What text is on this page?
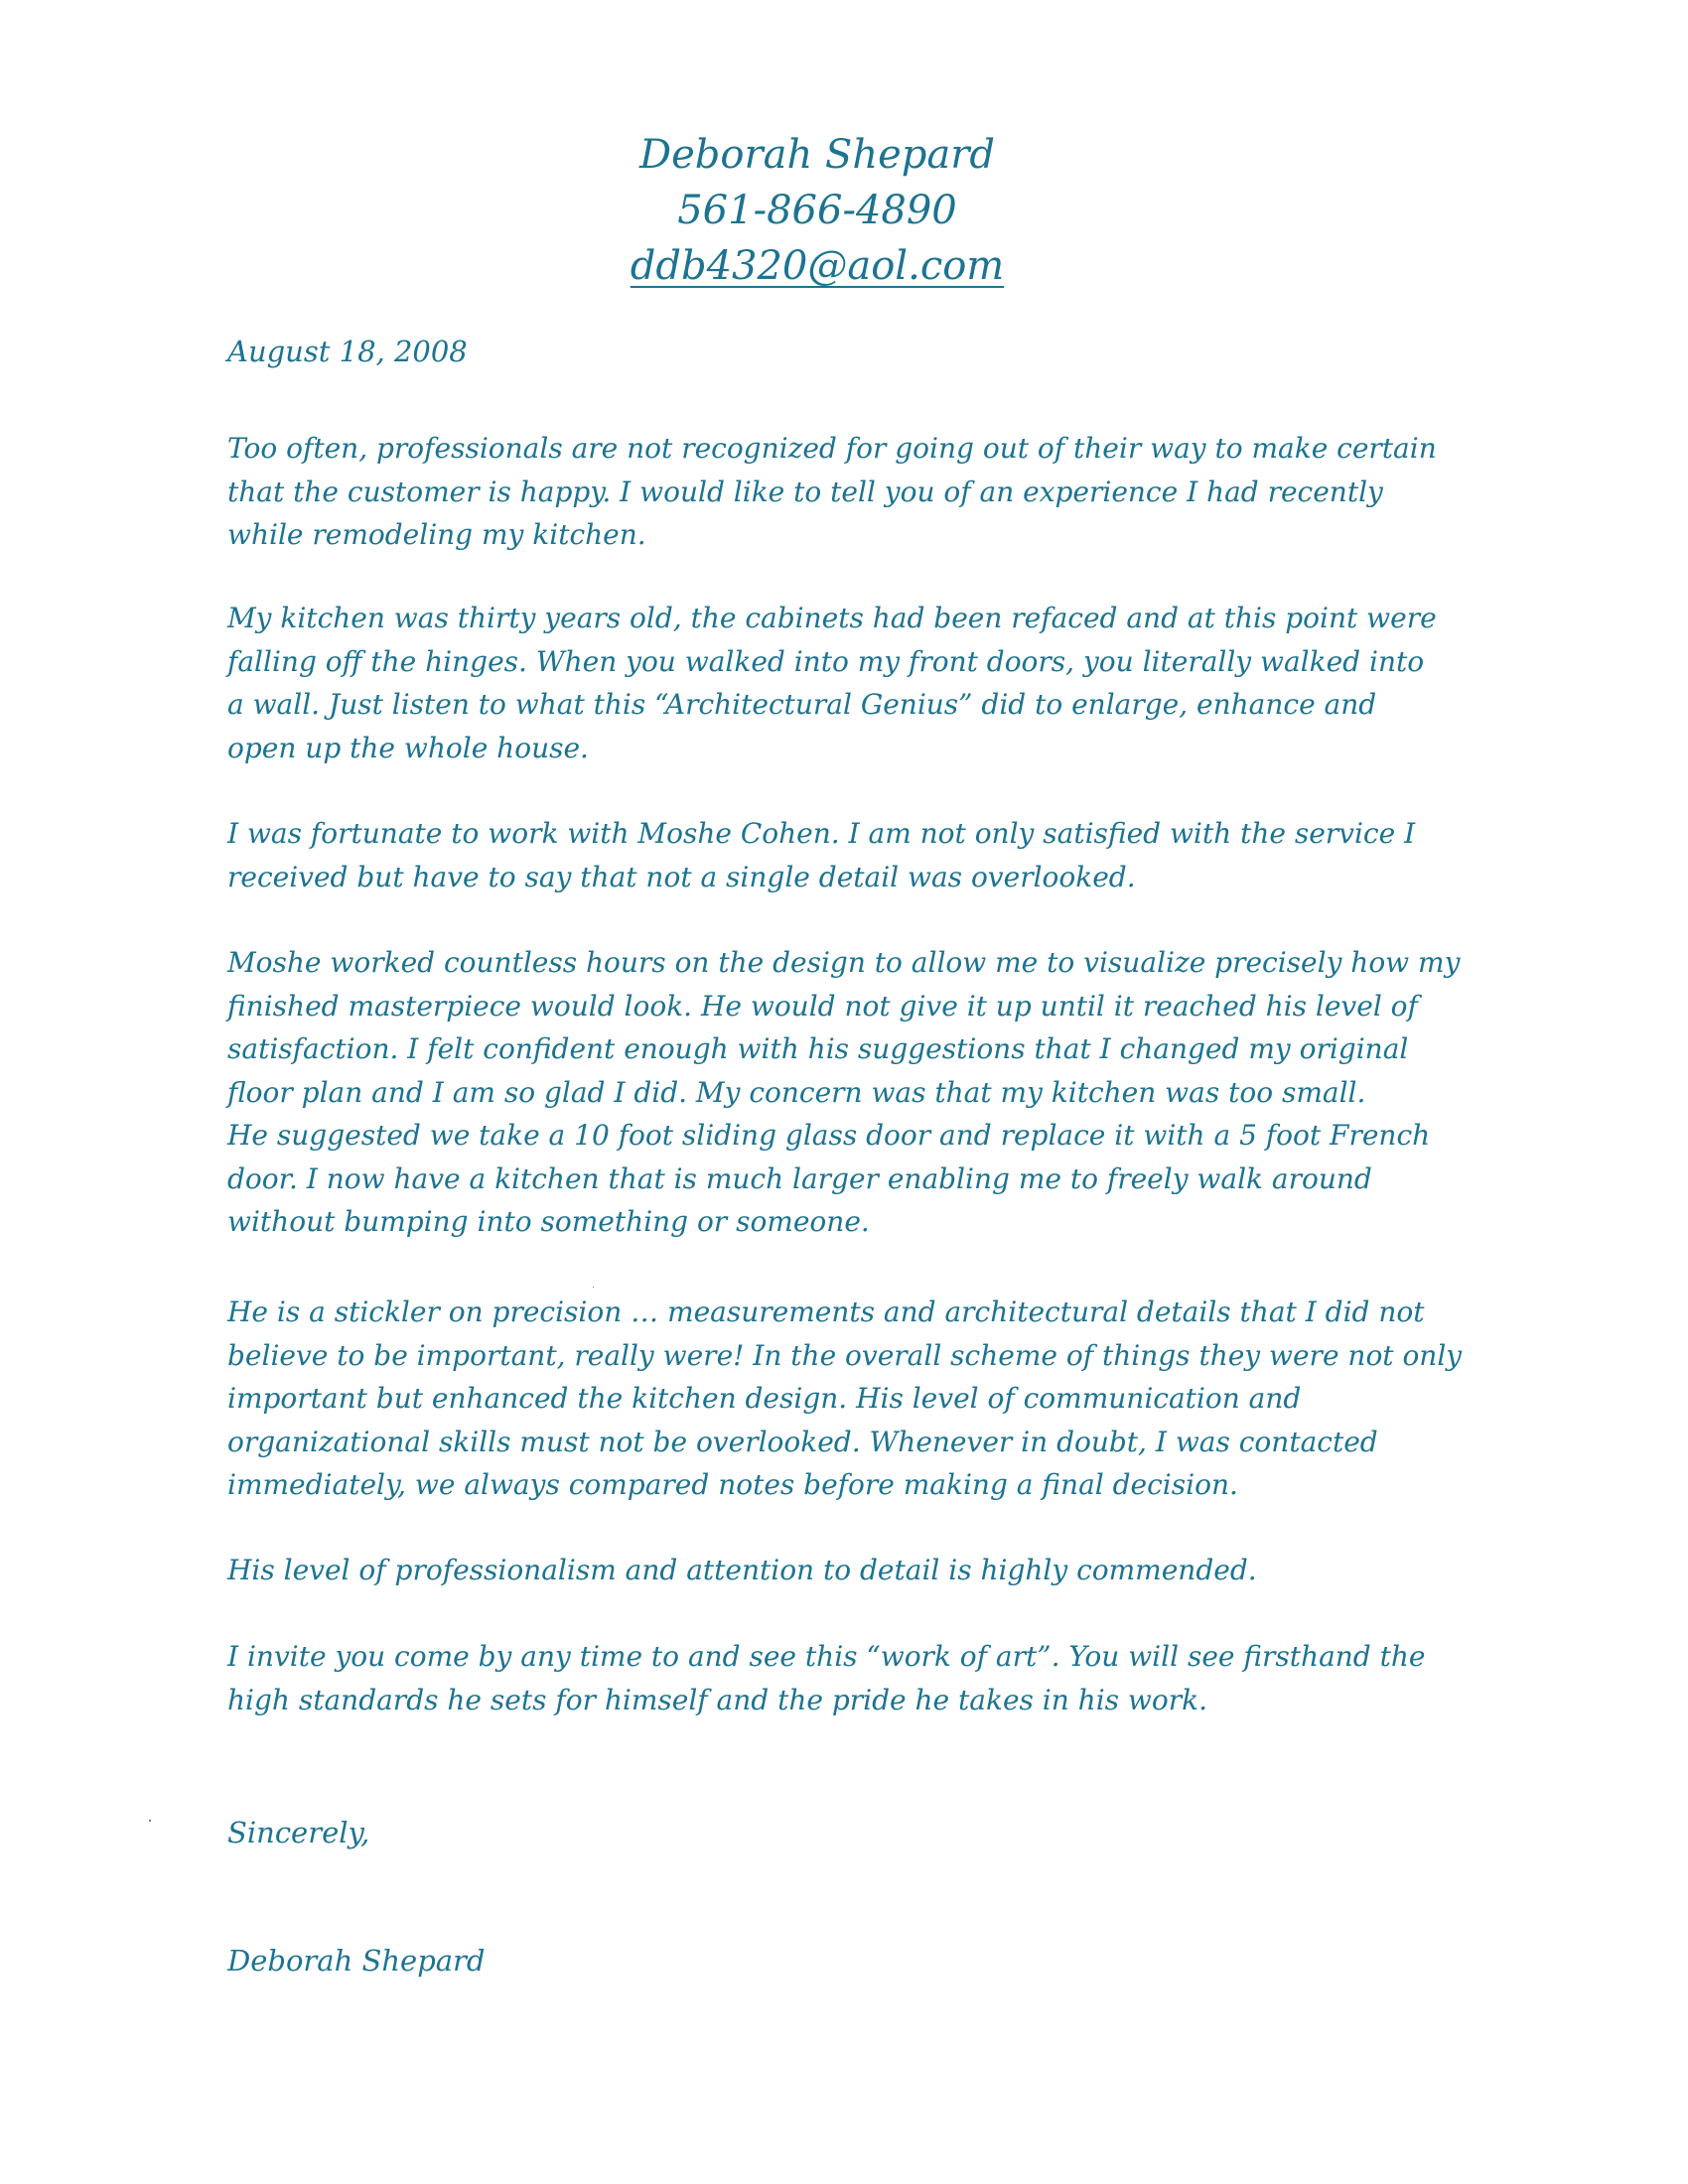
Deborah Shepard
561-866-4890
ddb4320@aol.com
August 18, 2008
Too often, professionals are not recognized for going out of their way to make certain
that the customer is happy. I would like to tell you of an experience I had recently
while remodeling my kitchen.
My kitchen was thirty years old, the cabinets had been refaced and at this point were
falling off the hinges. When you walked into my front doors, you literally walked into
a wall. Just listen to what this “Architectural Genius” did to enlarge, enhance and
open up the whole house.
I was fortunate to work with Moshe Cohen. I am not only satisfied with the service I
received but have to say that not a single detail was overlooked.
Moshe worked countless hours on the design to allow me to visualize precisely how my
finished masterpiece would look. He would not give it up until it reached his level of
satisfaction. I felt confident enough with his suggestions that I changed my original
floor plan and I am so glad I did. My concern was that my kitchen was too small.
He suggested we take a 10 foot sliding glass door and replace it with a 5 foot French
door. I now have a kitchen that is much larger enabling me to freely walk around
without bumping into something or someone.
He is a stickler on precision … measurements and architectural details that I did not
believe to be important, really were! In the overall scheme of things they were not only
important but enhanced the kitchen design. His level of communication and
organizational skills must not be overlooked. Whenever in doubt, I was contacted
immediately, we always compared notes before making a final decision.
His level of professionalism and attention to detail is highly commended.
I invite you come by any time to and see this “work of art”. You will see firsthand the
high standards he sets for himself and the pride he takes in his work.
Sincerely,
Deborah Shepard
